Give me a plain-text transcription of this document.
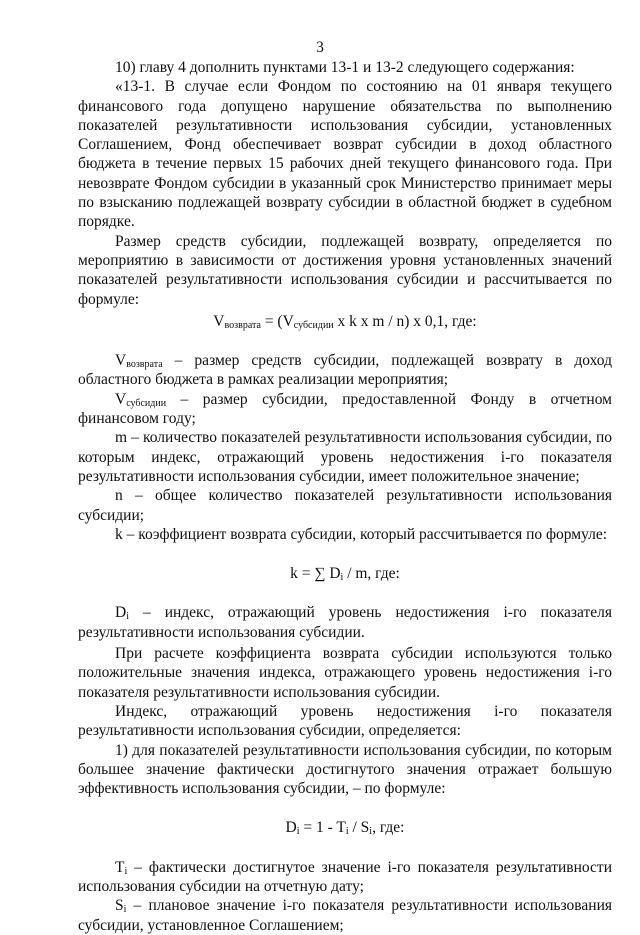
3

10) главу 4 дополнить пунктами 13-1 и 13-2 следующего содержания:

«13-1. В случае если Фондом по состоянию на 01 января текущего финансового года допущено нарушение обязательства по выполнению показателей результативности использования субсидии, установленных Соглашением, Фонд обеспечивает возврат субсидии в доход областного бюджета в течение первых 15 рабочих дней текущего финансового года. При невозврате Фондом субсидии в указанный срок Министерство принимает меры по взысканию подлежащей возврату субсидии в областной бюджет в судебном порядке.

Размер средств субсидии, подлежащей возврату, определяется по мероприятию в зависимости от достижения уровня установленных значений показателей результативности использования субсидии и рассчитывается по формуле:

$V_{возврата} = (V_{субсидии}$ x k x m / n) x 0,1, где:

$V_{возврата}$ – размер средств субсидии, подлежащей возврату в доход областного бюджета в рамках реализации мероприятия;

$V_{субсидии}$ – размер субсидии, предоставленной Фонду в отчетном финансовом году;

m – количество показателей результативности использования субсидии, по которым индекс, отражающий уровень недостижения i-го показателя результативности использования субсидии, имеет положительное значение;

n – общее количество показателей результативности использования субсидии;

k – коэффициент возврата субсидии, который рассчитывается по формуле:

k = ∑ $D_i$ / m, где:

$D_i$ – индекс, отражающий уровень недостижения i-го показателя результативности использования субсидии.

При расчете коэффициента возврата субсидии используются только положительные значения индекса, отражающего уровень недостижения i-го показателя результативности использования субсидии.

Индекс, отражающий уровень недостижения i-го показателя результативности использования субсидии, определяется:

1) для показателей результативности использования субсидии, по которым большее значение фактически достигнутого значения отражает большую эффективность использования субсидии, – по формуле:

$D_i = 1 - T_i / S_i$, где:

$T_i$ – фактически достигнутое значение i-го показателя результативности использования субсидии на отчетную дату;

$S_i$ – плановое значение i-го показателя результативности использования субсидии, установленное Соглашением;
